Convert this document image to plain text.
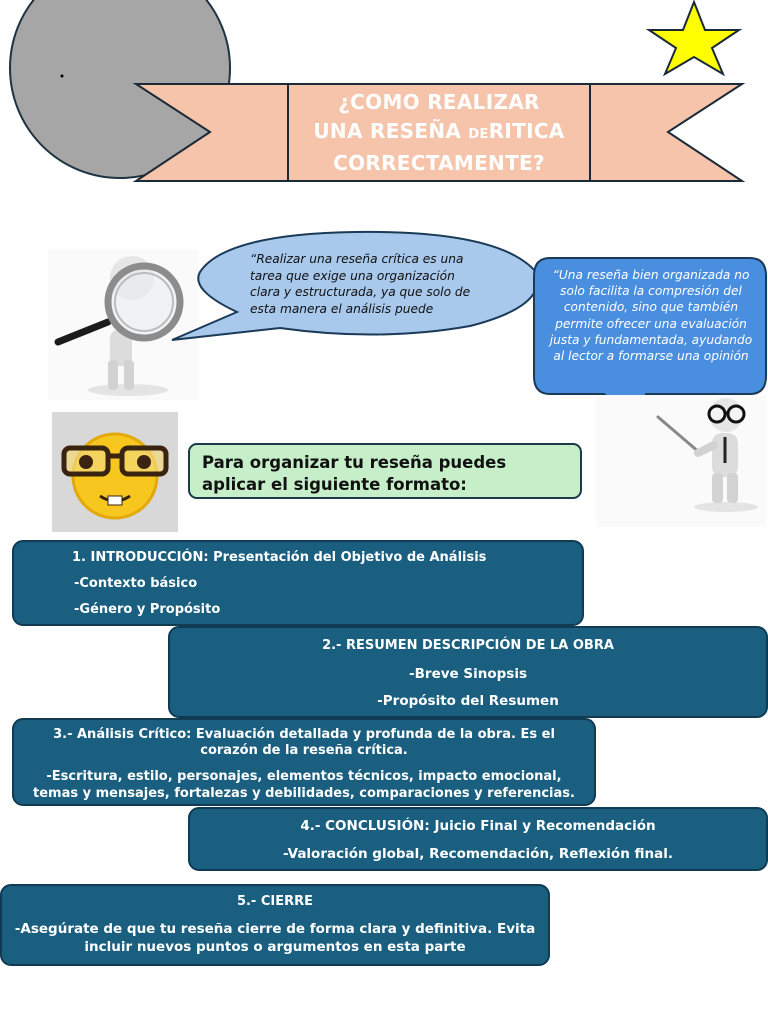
¿COMO REALIZAR
UNA RESEÑA DERITICA
CORRECTAMENTE?
“Realizar una reseña crítica es una tarea que exige una organización clara y estructurada, ya que solo de esta manera el análisis puede
“Una reseña bien organizada no solo facilita la compresión del contenido, sino que también permite ofrecer una evaluación justa y fundamentada, ayudando al lector a formarse una opinión
Para organizar tu reseña puedes aplicar el siguiente formato:
1. INTRODUCCIÓN: Presentación del Objetivo de Análisis
-Contexto básico
-Género y Propósito
2.- RESUMEN DESCRIPCIÓN DE LA OBRA
-Breve Sinopsis
-Propósito del Resumen
3.- Análisis Crítico: Evaluación detallada y profunda de la obra. Es el corazón de la reseña crítica.
-Escritura, estilo, personajes, elementos técnicos, impacto emocional, temas y mensajes, fortalezas y debilidades, comparaciones y referencias.
4.- CONCLUSIÓN: Juicio Final y Recomendación
-Valoración global, Recomendación, Reflexión final.
5.- CIERRE
-Asegúrate de que tu reseña cierre de forma clara y definitiva. Evita incluir nuevos puntos o argumentos en esta parte
